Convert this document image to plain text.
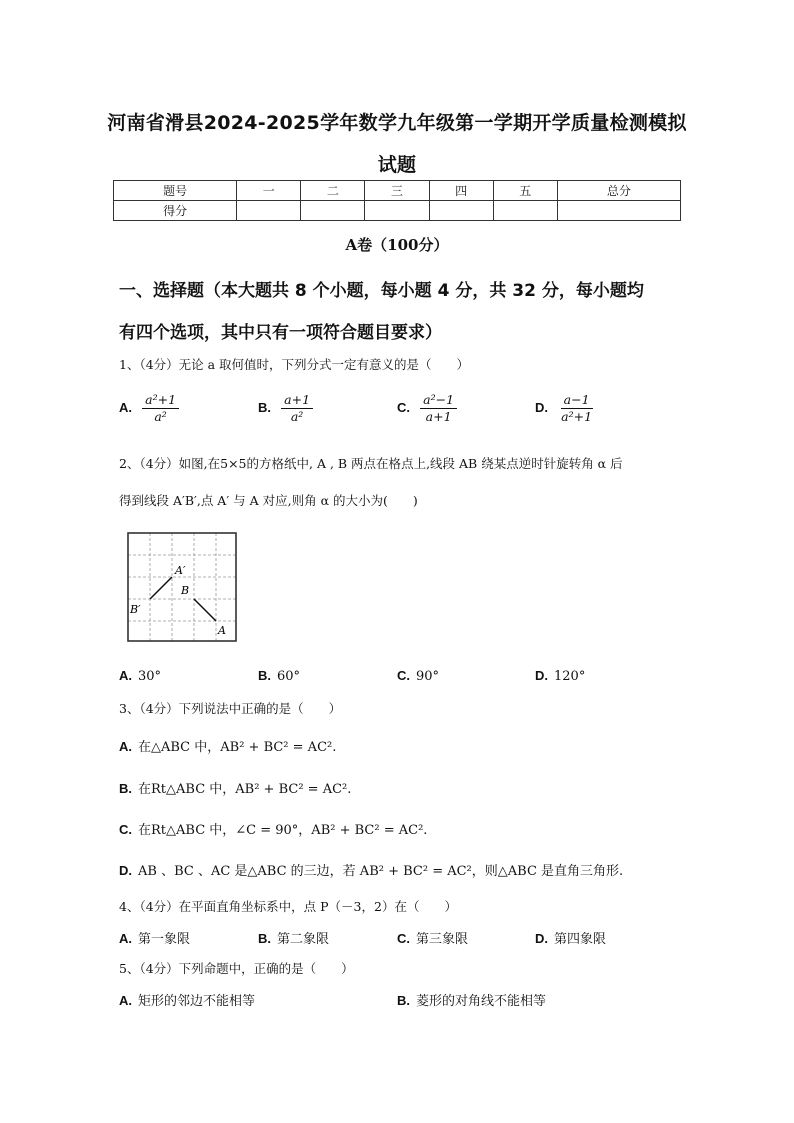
河南省滑县2024-2025学年数学九年级第一学期开学质量检测模拟
试题
题号	一	二	三	四	五	总分
得分						
A卷（100分）
一、选择题（本大题共 8 个小题，每小题 4 分，共 32 分，每小题均
有四个选项，其中只有一项符合题目要求）
1、（4分）无论 a 取何值时，下列分式一定有意义的是（　　）
A. $\frac{\text{a²+1}}{\text{a²}}$	B. $\frac{a+1}{\text{a²}}$	C. $\frac{\text{a²−1}}{a+1}$	D. $\frac{a-1}{\text{a²+1}}$
2、（4分）如图,在5×5的方格纸中, A , B 两点在格点上,线段 AB 绕某点逆时针旋转角 α 后
得到线段 A′B′,点 A′ 与 A 对应,则角 α 的大小为(　　)
A′
B
B′
A
A. 30°	B. 60°	C. 90°	D. 120°
3、（4分）下列说法中正确的是（　　）
A. 在△ABC 中，AB² + BC² = AC².
B. 在Rt△ABC 中，AB² + BC² = AC².
C. 在Rt△ABC 中，∠C = 90°，AB² + BC² = AC².
D. AB 、BC 、AC 是△ABC 的三边，若 AB² + BC² = AC²，则△ABC 是直角三角形.
4、（4分）在平面直角坐标系中，点 P（－3，2）在（　　）
A. 第一象限	B. 第二象限	C. 第三象限	D. 第四象限
5、（4分）下列命题中，正确的是（　　）
A. 矩形的邻边不能相等	B. 菱形的对角线不能相等
